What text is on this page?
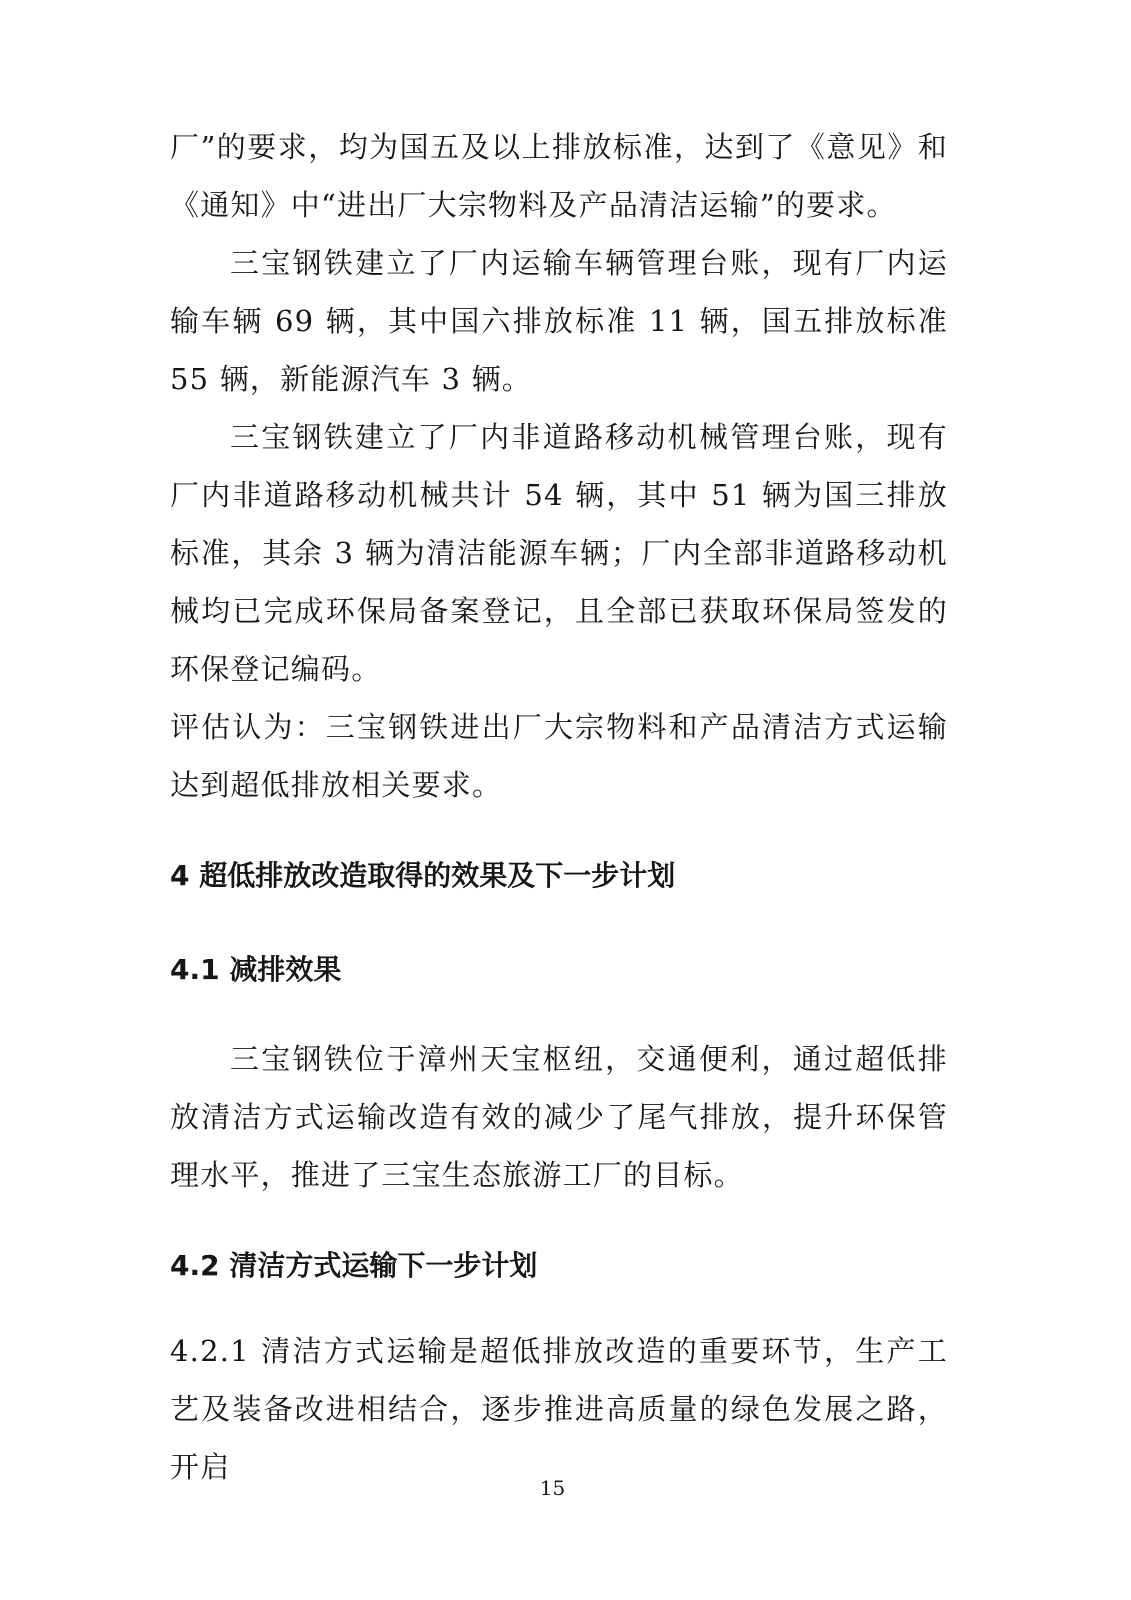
厂”的要求，均为国五及以上排放标准，达到了《意见》和《通知》中“进出厂大宗物料及产品清洁运输”的要求。

三宝钢铁建立了厂内运输车辆管理台账，现有厂内运输车辆 69 辆，其中国六排放标准 11 辆，国五排放标准 55 辆，新能源汽车 3 辆。

三宝钢铁建立了厂内非道路移动机械管理台账，现有厂内非道路移动机械共计 54 辆，其中 51 辆为国三排放标准，其余 3 辆为清洁能源车辆；厂内全部非道路移动机械均已完成环保局备案登记，且全部已获取环保局签发的环保登记编码。

评估认为：三宝钢铁进出厂大宗物料和产品清洁方式运输达到超低排放相关要求。

4 超低排放改造取得的效果及下一步计划
4.1 减排效果

三宝钢铁位于漳州天宝枢纽，交通便利，通过超低排放清洁方式运输改造有效的减少了尾气排放，提升环保管理水平，推进了三宝生态旅游工厂的目标。

4.2 清洁方式运输下一步计划

4.2.1 清洁方式运输是超低排放改造的重要环节，生产工艺及装备改进相结合，逐步推进高质量的绿色发展之路，开启

15
